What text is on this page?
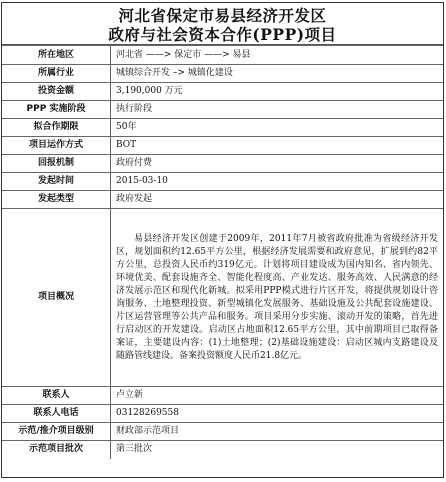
河北省保定市易县经济开发区
政府与社会资本合作(PPP)项目
所在地区	河北省 ——> 保定市 ——> 易县
所属行业	城镇综合开发 –> 城镇化建设
投资金额	3,190,000 万元
PPP 实施阶段	执行阶段
拟合作期限	50年
项目运作方式	BOT
回报机制	政府付费
发起时间	2015-03-10
发起类型	政府发起
项目概况	易县经济开发区创建于2009年，2011年7月被省政府批准为省级经济开发区，规划面积约12.65平方公里，根据经济发展需要和政府意见，扩展到约82平方公里，总投资人民币约319亿元。计划将项目建设成为国内知名、省内领先、环境优美、配套设施齐全、智能化程度高、产业发达、服务高效、人民满意的经济发展示范区和现代化新城。拟采用PPP模式进行片区开发，将提供规划设计咨询服务、土地整理投资、新型城镇化发展服务、基础设施及公共配套设施建设、片区运营管理等公共产品和服务。项目采用分步实施、滚动开发的策略，首先进行启动区的开发建设。启动区占地面积12.65平方公里，其中前期项目已取得备案证，主要建设内容：(1)土地整理；(2)基础设施建设：启动区城内支路建设及随路管线建设。备案投资额度人民币21.8亿元。

联系人	卢立新
联系人电话	03128269558
示范/推介项目级别	财政部示范项目
示范项目批次	第三批次
